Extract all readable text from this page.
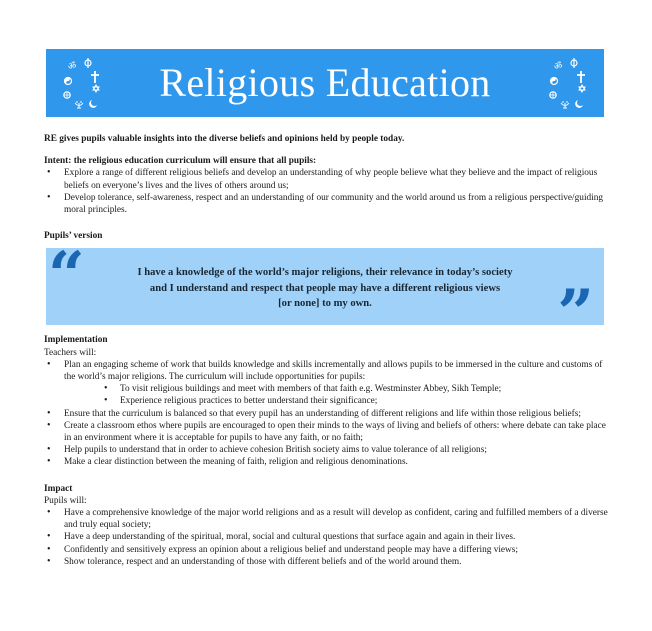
ॐ	Religious Education	ॐ

RE gives pupils valuable insights into the diverse beliefs and opinions held by people today.

Intent: the religious education curriculum will ensure that all pupils:

• Explore a range of different religious beliefs and develop an understanding of why people believe what they believe and the impact of religious beliefs on everyone’s lives and the lives of others around us;
• Develop tolerance, self-awareness, respect and an understanding of our community and the world around us from a religious perspective/guiding moral principles.

Pupils’ version

“	I have a knowledge of the world’s major religions, their relevance in today’s society
and I understand and respect that people may have a different religious views
[or none] to my own.	”

Implementation

Teachers will:

• Plan an engaging scheme of work that builds knowledge and skills incrementally and allows pupils to be immersed in the culture and customs of the world’s major religions. The curriculum will include opportunities for pupils:
• To visit religious buildings and meet with members of that faith e.g. Westminster Abbey, Sikh Temple;
• Experience religious practices to better understand their significance;
• Ensure that the curriculum is balanced so that every pupil has an understanding of different religions and life within those religious beliefs;
• Create a classroom ethos where pupils are encouraged to open their minds to the ways of living and beliefs of others: where debate can take place in an environment where it is acceptable for pupils to have any faith, or no faith;
• Help pupils to understand that in order to achieve cohesion British society aims to value tolerance of all religions;
• Make a clear distinction between the meaning of faith, religion and religious denominations.

Impact

Pupils will:

• Have a comprehensive knowledge of the major world religions and as a result will develop as confident, caring and fulfilled members of a diverse and truly equal society;
• Have a deep understanding of the spiritual, moral, social and cultural questions that surface again and again in their lives.
• Confidently and sensitively express an opinion about a religious belief and understand people may have a differing views;
• Show tolerance, respect and an understanding of those with different beliefs and of the world around them.
